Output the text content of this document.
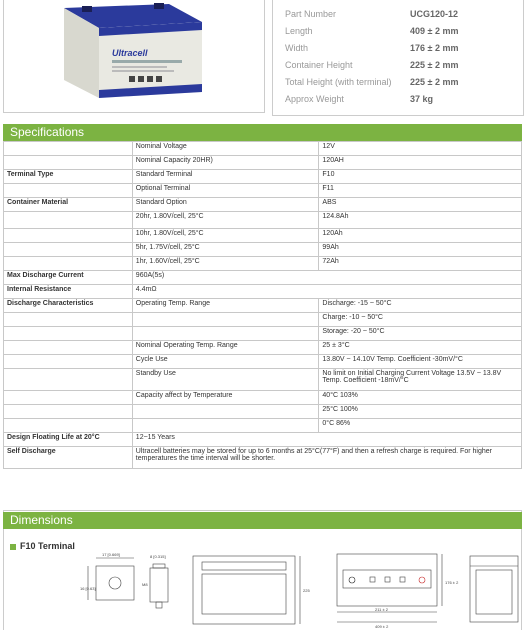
Ultracell
Part Number	UCG120-12
Length	409 ± 2 mm
Width	176 ± 2 mm
Container Height	225 ± 2 mm
Total Height (with terminal) 225 ± 2 mm
Approx Weight	37 kg
Specifications
	Nominal Voltage	12V
	Nominal Capacity 20HR)	120AH
Terminal Type	Standard Terminal	F10
	Optional Terminal	F11
Container Material	Standard Option	ABS
	20hr, 1.80V/cell, 25°C	124.8Ah
	10hr, 1.80V/cell, 25°C	120Ah
	5hr, 1.75V/cell, 25°C	99Ah
	1hr, 1.60V/cell, 25°C	72Ah
Max Discharge Current	960A(5s)	
Internal Resistance	4.4mΩ	
Discharge Characteristics	Operating Temp. Range	Discharge: -15 ~ 50°C
		Charge: -10 ~ 50°C
		Storage: -20 ~ 50°C
	Nominal Operating Temp. Range	25 ± 3°C
	Cycle Use	13.80V ~ 14.10V Temp. Coefficient -30mV/°C
	Standby Use	No limit on Initial Charging Current Voltage 13.5V ~ 13.8V Temp. Coefficient -18mV/°C
	Capacity affect by Temperature	40°C 103%
		25°C 100%
		0°C 86%
Design Floating Life at 20°C	12~15 Years	
Self Discharge	Ultracell batteries may be stored for up to 6 months at 25°C(77°F) and then a refresh charge is required. For higher temperatures the time interval will be shorter.	
Dimensions
F10 Terminal
17 [0.669]
16 [0.63]
8 [0.315]
M8
225
211 ± 2
409 ± 2
176 ± 2
